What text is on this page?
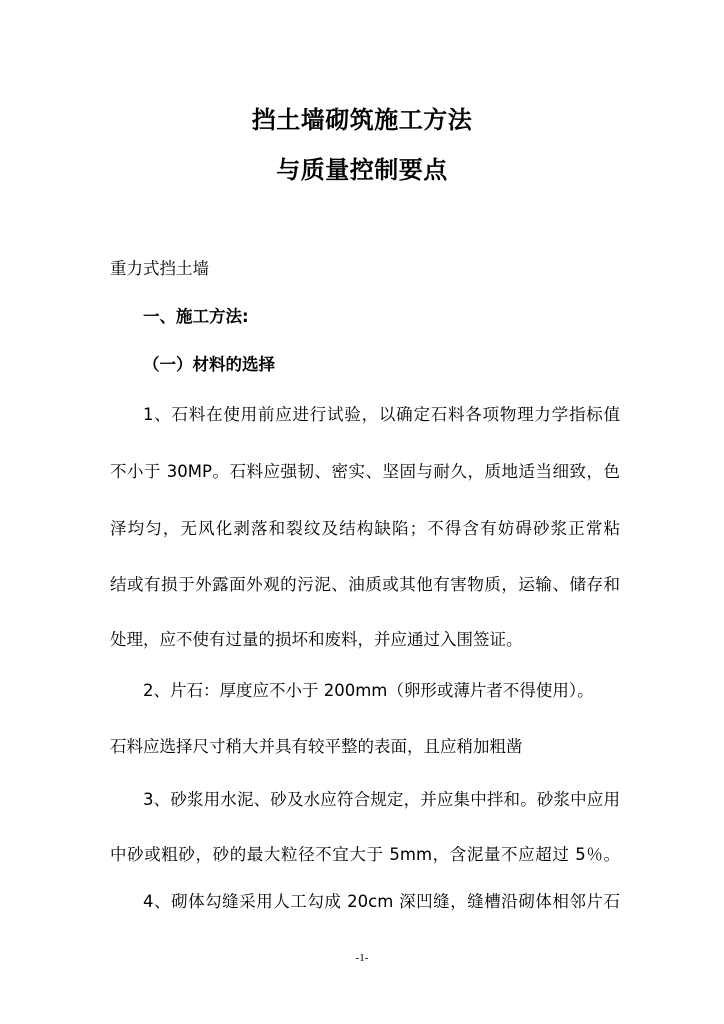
挡土墙砌筑施工方法
与质量控制要点
重力式挡土墙
一、施工方法:
（一）材料的选择
1、石料在使用前应进行试验，以确定石料各项物理力学指标值
不小于 30MP。石料应强韧、密实、坚固与耐久，质地适当细致，色
泽均匀，无风化剥落和裂纹及结构缺陷；不得含有妨碍砂浆正常粘
结或有损于外露面外观的污泥、油质或其他有害物质，运输、储存和
处理，应不使有过量的损坏和废料，并应通过入围签证。
2、片石：厚度应不小于 200mm（卵形或薄片者不得使用）。
石料应选择尺寸稍大并具有较平整的表面，且应稍加粗凿
3、砂浆用水泥、砂及水应符合规定，并应集中拌和。砂浆中应用
中砂或粗砂，砂的最大粒径不宜大于 5mm，含泥量不应超过 5％。
4、砌体勾缝采用人工勾成 20cm 深凹缝，缝槽沿砌体相邻片石
-1-
